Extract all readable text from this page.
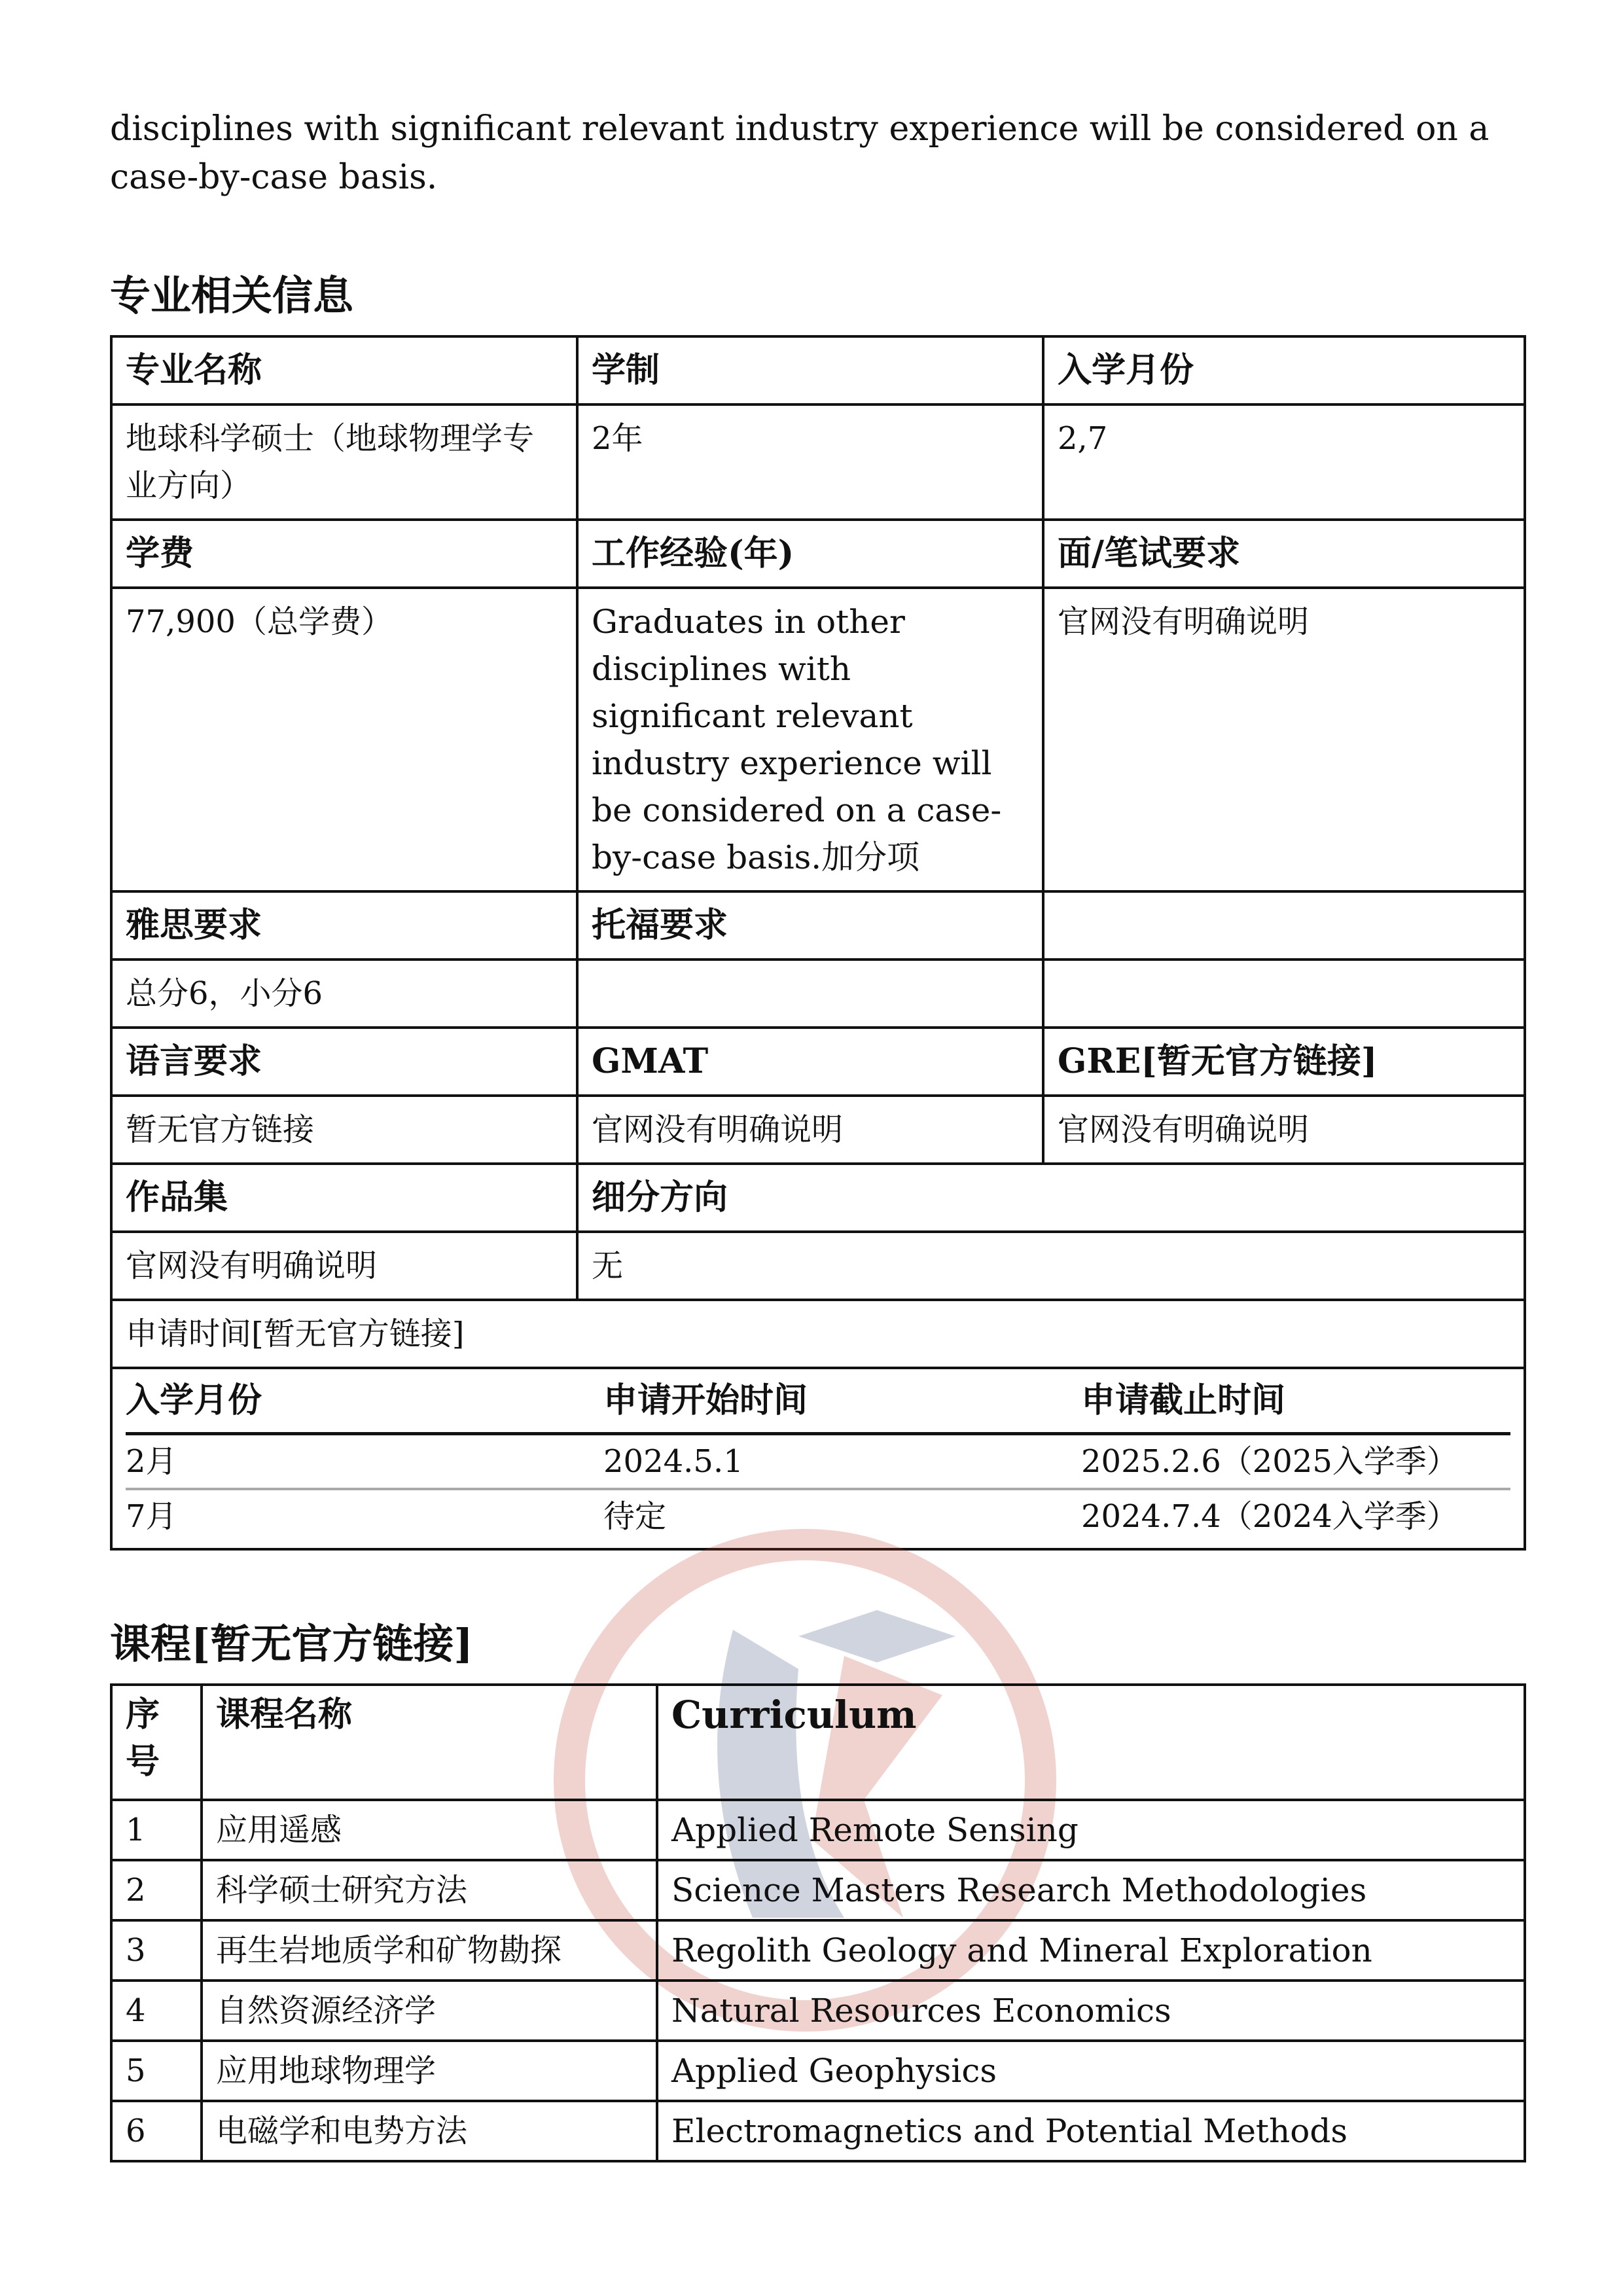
disciplines with significant relevant industry experience will be considered on a case-by-case basis.

专业相关信息
专业名称	学制	入学月份
地球科学硕士（地球物理学专业方向）	2年	2,7
学费	工作经验(年)	面/笔试要求
77,900（总学费）	Graduates in other disciplines with significant relevant industry experience will be considered on a case-by-case basis.加分项	官网没有明确说明
雅思要求	托福要求	
总分6，小分6		
语言要求	GMAT	GRE[暂无官方链接]
暂无官方链接	官网没有明确说明	官网没有明确说明
作品集	细分方向
官网没有明确说明	无
申请时间[暂无官方链接]

入学月份	申请开始时间	申请截止时间
2月	2024.5.1	2025.2.6（2025入学季）
7月	待定	2024.7.4（2024入学季）
课程[暂无官方链接]
序号	课程名称	Curriculum
1	应用遥感	Applied Remote Sensing
2	科学硕士研究方法	Science Masters Research Methodologies
3	再生岩地质学和矿物勘探	Regolith Geology and Mineral Exploration
4	自然资源经济学	Natural Resources Economics
5	应用地球物理学	Applied Geophysics
6	电磁学和电势方法	Electromagnetics and Potential Methods
